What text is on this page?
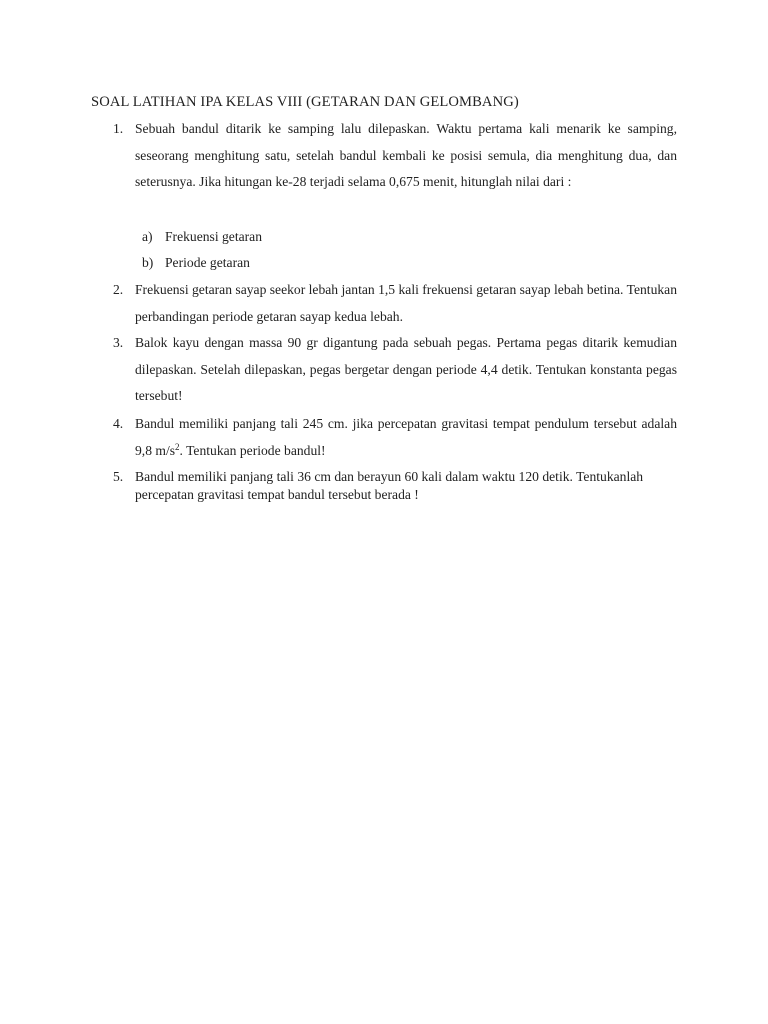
SOAL LATIHAN IPA KELAS VIII (GETARAN DAN GELOMBANG)
1. Sebuah bandul ditarik ke samping lalu dilepaskan. Waktu pertama kali menarik ke samping, seseorang menghitung satu, setelah bandul kembali ke posisi semula, dia menghitung dua, dan seterusnya. Jika hitungan ke-28 terjadi selama 0,675 menit, hitunglah nilai dari :
a) Frekuensi getaran
b) Periode getaran
2. Frekuensi getaran sayap seekor lebah jantan 1,5 kali frekuensi getaran sayap lebah betina. Tentukan perbandingan periode getaran sayap kedua lebah.
3. Balok kayu dengan massa 90 gr digantung pada sebuah pegas. Pertama pegas ditarik kemudian dilepaskan. Setelah dilepaskan, pegas bergetar dengan periode 4,4 detik. Tentukan konstanta pegas tersebut!
4. Bandul memiliki panjang tali 245 cm. jika percepatan gravitasi tempat pendulum tersebut adalah 9,8 $m/s^2$. Tentukan periode bandul!
5. Bandul memiliki panjang tali 36 cm dan berayun 60 kali dalam waktu 120 detik. Tentukanlah percepatan gravitasi tempat bandul tersebut berada !
